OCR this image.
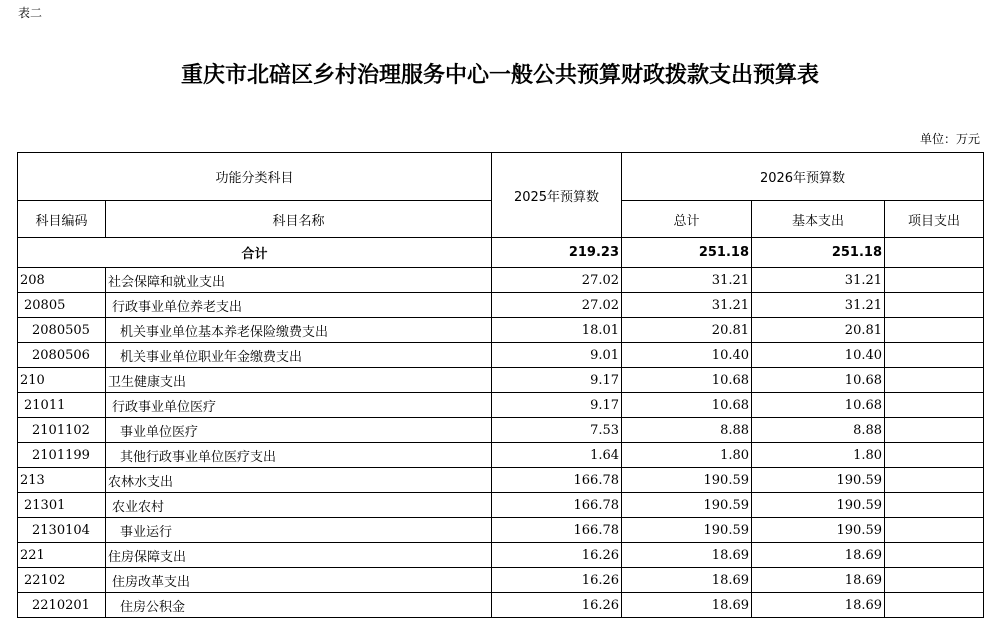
表二
重庆市北碚区乡村治理服务中心一般公共预算财政拨款支出预算表
单位：万元
功能分类科目		2025年预算数	2026年预算数		
科目编码	科目名称		总计	基本支出	项目支出
合计		219.23	251.18	251.18	
208	社会保障和就业支出	27.02	31.21	31.21	
20805	行政事业单位养老支出	27.02	31.21	31.21	
2080505	机关事业单位基本养老保险缴费支出	18.01	20.81	20.81	
2080506	机关事业单位职业年金缴费支出	9.01	10.40	10.40	
210	卫生健康支出	9.17	10.68	10.68	
21011	行政事业单位医疗	9.17	10.68	10.68	
2101102	事业单位医疗	7.53	8.88	8.88	
2101199	其他行政事业单位医疗支出	1.64	1.80	1.80	
213	农林水支出	166.78	190.59	190.59	
21301	农业农村	166.78	190.59	190.59	
2130104	事业运行	166.78	190.59	190.59	
221	住房保障支出	16.26	18.69	18.69	
22102	住房改革支出	16.26	18.69	18.69	
2210201	住房公积金	16.26	18.69	18.69	
